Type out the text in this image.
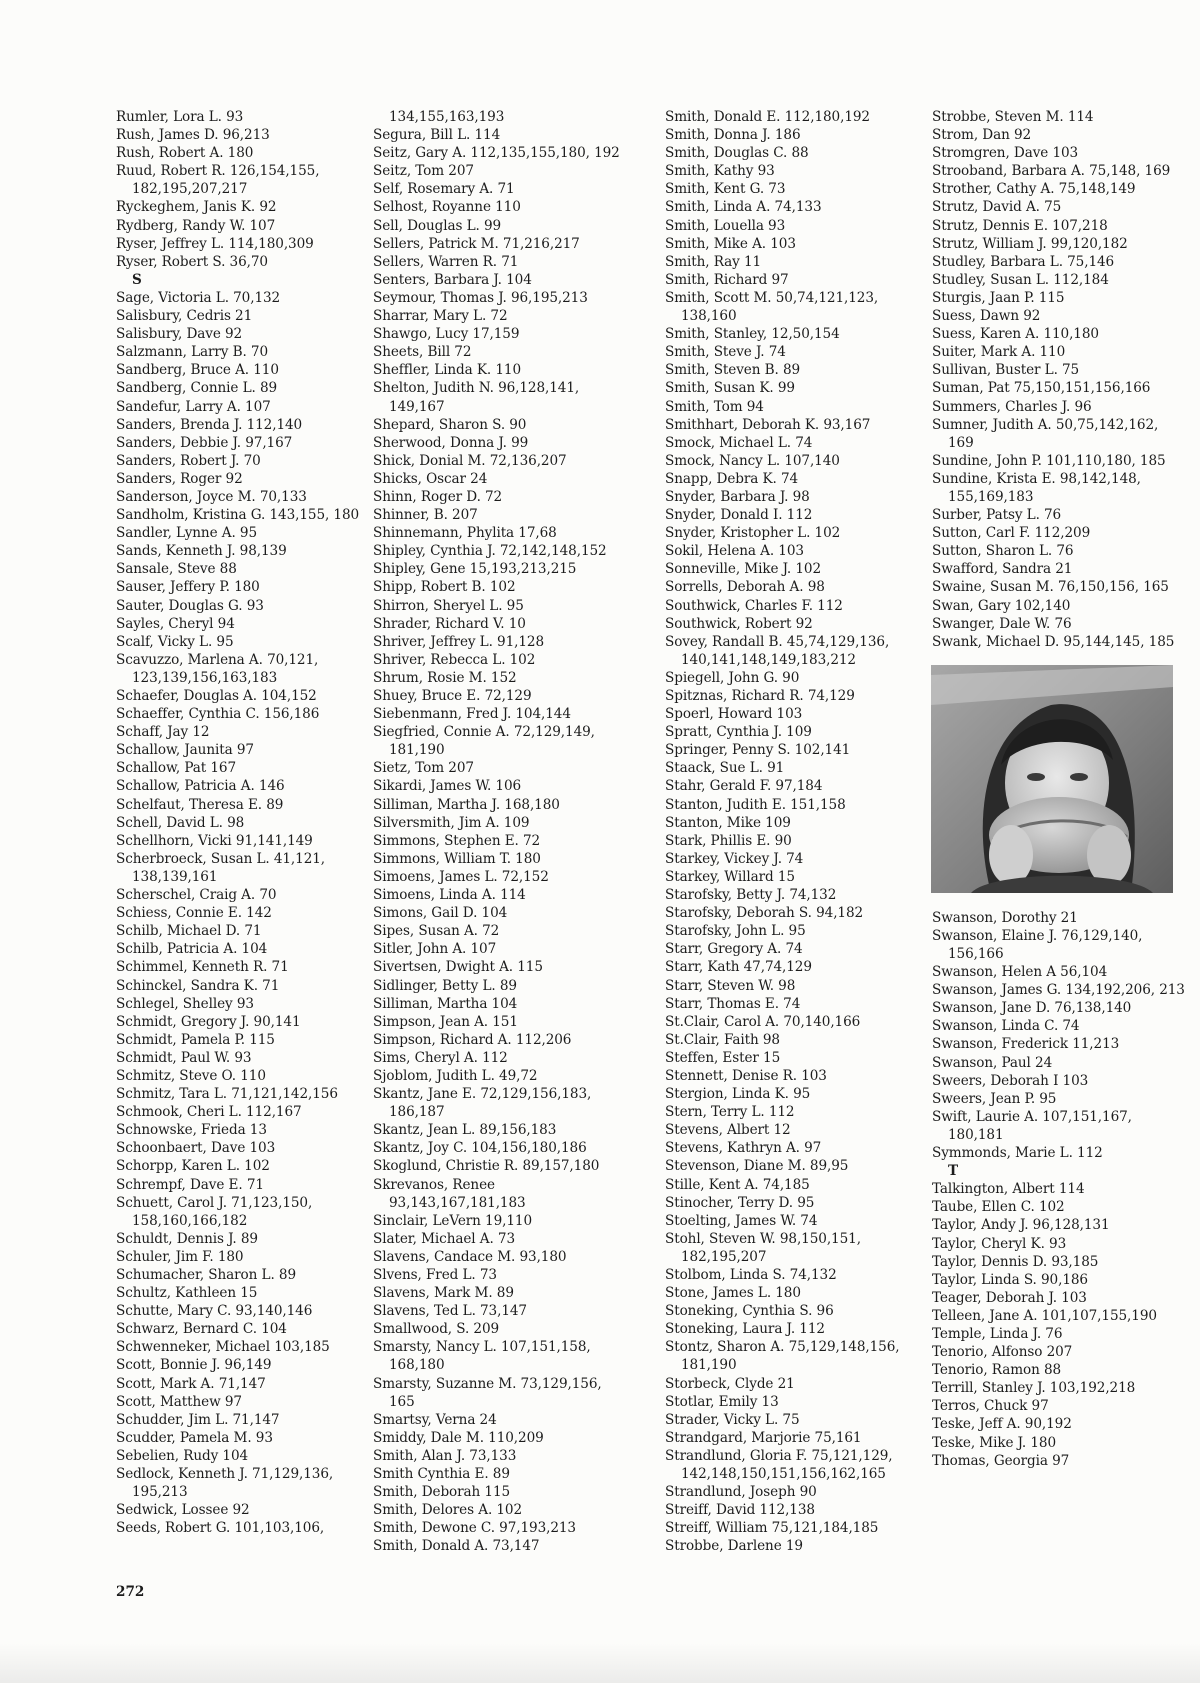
Rumler, Lora L. 93
Rush, James D. 96,213
Rush, Robert A. 180
Ruud, Robert R. 126,154,155, 182,195,207,217
Ryckeghem, Janis K. 92
Rydberg, Randy W. 107
Ryser, Jeffrey L. 114,180,309
Ryser, Robert S. 36,70
S
Sage, Victoria L. 70,132
Salisbury, Cedris 21
Salisbury, Dave 92
Salzmann, Larry B. 70
Sandberg, Bruce A. 110
Sandberg, Connie L. 89
Sandefur, Larry A. 107
Sanders, Brenda J. 112,140
Sanders, Debbie J. 97,167
Sanders, Robert J. 70
Sanders, Roger 92
Sanderson, Joyce M. 70,133
Sandholm, Kristina G. 143,155, 180
Sandler, Lynne A. 95
Sands, Kenneth J. 98,139
Sansale, Steve 88
Sauser, Jeffery P. 180
Sauter, Douglas G. 93
Sayles, Cheryl 94
Scalf, Vicky L. 95
Scavuzzo, Marlena A. 70,121, 123,139,156,163,183
Schaefer, Douglas A. 104,152
Schaeffer, Cynthia C. 156,186
Schaff, Jay 12
Schallow, Jaunita 97
Schallow, Pat 167
Schallow, Patricia A. 146
Schelfaut, Theresa E. 89
Schell, David L. 98
Schellhorn, Vicki 91,141,149
Scherbroeck, Susan L. 41,121, 138,139,161
Scherschel, Craig A. 70
Schiess, Connie E. 142
Schilb, Michael D. 71
Schilb, Patricia A. 104
Schimmel, Kenneth R. 71
Schinckel, Sandra K. 71
Schlegel, Shelley 93
Schmidt, Gregory J. 90,141
Schmidt, Pamela P. 115
Schmidt, Paul W. 93
Schmitz, Steve O. 110
Schmitz, Tara L. 71,121,142,156
Schmook, Cheri L. 112,167
Schnowske, Frieda 13
Schoonbaert, Dave 103
Schorpp, Karen L. 102
Schrempf, Dave E. 71
Schuett, Carol J. 71,123,150, 158,160,166,182
Schuldt, Dennis J. 89
Schuler, Jim F. 180
Schumacher, Sharon L. 89
Schultz, Kathleen 15
Schutte, Mary C. 93,140,146
Schwarz, Bernard C. 104
Schwenneker, Michael 103,185
Scott, Bonnie J. 96,149
Scott, Mark A. 71,147
Scott, Matthew 97
Schudder, Jim L. 71,147
Scudder, Pamela M. 93
Sebelien, Rudy 104
Sedlock, Kenneth J. 71,129,136, 195,213
Sedwick, Lossee 92
Seeds, Robert G. 101,103,106,
134,155,163,193
Segura, Bill L. 114
Seitz, Gary A. 112,135,155,180, 192
Seitz, Tom 207
Self, Rosemary A. 71
Selhost, Royanne 110
Sell, Douglas L. 99
Sellers, Patrick M. 71,216,217
Sellers, Warren R. 71
Senters, Barbara J. 104
Seymour, Thomas J. 96,195,213
Sharrar, Mary L. 72
Shawgo, Lucy 17,159
Sheets, Bill 72
Sheffler, Linda K. 110
Shelton, Judith N. 96,128,141, 149,167
Shepard, Sharon S. 90
Sherwood, Donna J. 99
Shick, Donial M. 72,136,207
Shicks, Oscar 24
Shinn, Roger D. 72
Shinner, B. 207
Shinnemann, Phylita 17,68
Shipley, Cynthia J. 72,142,148,152
Shipley, Gene 15,193,213,215
Shipp, Robert B. 102
Shirron, Sheryel L. 95
Shrader, Richard V. 10
Shriver, Jeffrey L. 91,128
Shriver, Rebecca L. 102
Shrum, Rosie M. 152
Shuey, Bruce E. 72,129
Siebenmann, Fred J. 104,144
Siegfried, Connie A. 72,129,149, 181,190
Sietz, Tom 207
Sikardi, James W. 106
Silliman, Martha J. 168,180
Silversmith, Jim A. 109
Simmons, Stephen E. 72
Simmons, William T. 180
Simoens, James L. 72,152
Simoens, Linda A. 114
Simons, Gail D. 104
Sipes, Susan A. 72
Sitler, John A. 107
Sivertsen, Dwight A. 115
Sidlinger, Betty L. 89
Silliman, Martha 104
Simpson, Jean A. 151
Simpson, Richard A. 112,206
Sims, Cheryl A. 112
Sjoblom, Judith L. 49,72
Skantz, Jane E. 72,129,156,183, 186,187
Skantz, Jean L. 89,156,183
Skantz, Joy C. 104,156,180,186
Skoglund, Christie R. 89,157,180
Skrevanos, Renee 93,143,167,181,183
Sinclair, LeVern 19,110
Slater, Michael A. 73
Slavens, Candace M. 93,180
Slvens, Fred L. 73
Slavens, Mark M. 89
Slavens, Ted L. 73,147
Smallwood, S. 209
Smarsty, Nancy L. 107,151,158, 168,180
Smarsty, Suzanne M. 73,129,156, 165
Smartsy, Verna 24
Smiddy, Dale M. 110,209
Smith, Alan J. 73,133
Smith Cynthia E. 89
Smith, Deborah 115
Smith, Delores A. 102
Smith, Dewone C. 97,193,213
Smith, Donald A. 73,147
Smith, Donald E. 112,180,192
Smith, Donna J. 186
Smith, Douglas C. 88
Smith, Kathy 93
Smith, Kent G. 73
Smith, Linda A. 74,133
Smith, Louella 93
Smith, Mike A. 103
Smith, Ray 11
Smith, Richard 97
Smith, Scott M. 50,74,121,123, 138,160
Smith, Stanley, 12,50,154
Smith, Steve J. 74
Smith, Steven B. 89
Smith, Susan K. 99
Smith, Tom 94
Smithhart, Deborah K. 93,167
Smock, Michael L. 74
Smock, Nancy L. 107,140
Snapp, Debra K. 74
Snyder, Barbara J. 98
Snyder, Donald I. 112
Snyder, Kristopher L. 102
Sokil, Helena A. 103
Sonneville, Mike J. 102
Sorrells, Deborah A. 98
Southwick, Charles F. 112
Southwick, Robert 92
Sovey, Randall B. 45,74,129,136, 140,141,148,149,183,212
Spiegell, John G. 90
Spitznas, Richard R. 74,129
Spoerl, Howard 103
Spratt, Cynthia J. 109
Springer, Penny S. 102,141
Staack, Sue L. 91
Stahr, Gerald F. 97,184
Stanton, Judith E. 151,158
Stanton, Mike 109
Stark, Phillis E. 90
Starkey, Vickey J. 74
Starkey, Willard 15
Starofsky, Betty J. 74,132
Starofsky, Deborah S. 94,182
Starofsky, John L. 95
Starr, Gregory A. 74
Starr, Kath 47,74,129
Starr, Steven W. 98
Starr, Thomas E. 74
St.Clair, Carol A. 70,140,166
St.Clair, Faith 98
Steffen, Ester 15
Stennett, Denise R. 103
Stergion, Linda K. 95
Stern, Terry L. 112
Stevens, Albert 12
Stevens, Kathryn A. 97
Stevenson, Diane M. 89,95
Stille, Kent A. 74,185
Stinocher, Terry D. 95
Stoelting, James W. 74
Stohl, Steven W. 98,150,151, 182,195,207
Stolbom, Linda S. 74,132
Stone, James L. 180
Stoneking, Cynthia S. 96
Stoneking, Laura J. 112
Stontz, Sharon A. 75,129,148,156, 181,190
Storbeck, Clyde 21
Stotlar, Emily 13
Strader, Vicky L. 75
Strandgard, Marjorie 75,161
Strandlund, Gloria F. 75,121,129, 142,148,150,151,156,162,165
Strandlund, Joseph 90
Streiff, David 112,138
Streiff, William 75,121,184,185
Strobbe, Darlene 19
Strobbe, Steven M. 114
Strom, Dan 92
Stromgren, Dave 103
Strooband, Barbara A. 75,148, 169
Strother, Cathy A. 75,148,149
Strutz, David A. 75
Strutz, Dennis E. 107,218
Strutz, William J. 99,120,182
Studley, Barbara L. 75,146
Studley, Susan L. 112,184
Sturgis, Jaan P. 115
Suess, Dawn 92
Suess, Karen A. 110,180
Suiter, Mark A. 110
Sullivan, Buster L. 75
Suman, Pat 75,150,151,156,166
Summers, Charles J. 96
Sumner, Judith A. 50,75,142,162, 169
Sundine, John P. 101,110,180, 185
Sundine, Krista E. 98,142,148, 155,169,183
Surber, Patsy L. 76
Sutton, Carl F. 112,209
Sutton, Sharon L. 76
Swafford, Sandra 21
Swaine, Susan M. 76,150,156, 165
Swan, Gary 102,140
Swanger, Dale W. 76
Swank, Michael D. 95,144,145, 185
Swanson, Dorothy 21
Swanson, Elaine J. 76,129,140, 156,166
Swanson, Helen A 56,104
Swanson, James G. 134,192,206, 213
Swanson, Jane D. 76,138,140
Swanson, Linda C. 74
Swanson, Frederick 11,213
Swanson, Paul 24
Sweers, Deborah I 103
Sweers, Jean P. 95
Swift, Laurie A. 107,151,167, 180,181
Symmonds, Marie L. 112
T
Talkington, Albert 114
Taube, Ellen C. 102
Taylor, Andy J. 96,128,131
Taylor, Cheryl K. 93
Taylor, Dennis D. 93,185
Taylor, Linda S. 90,186
Teager, Deborah J. 103
Telleen, Jane A. 101,107,155,190
Temple, Linda J. 76
Tenorio, Alfonso 207
Tenorio, Ramon 88
Terrill, Stanley J. 103,192,218
Terros, Chuck 97
Teske, Jeff A. 90,192
Teske, Mike J. 180
Thomas, Georgia 97
272
